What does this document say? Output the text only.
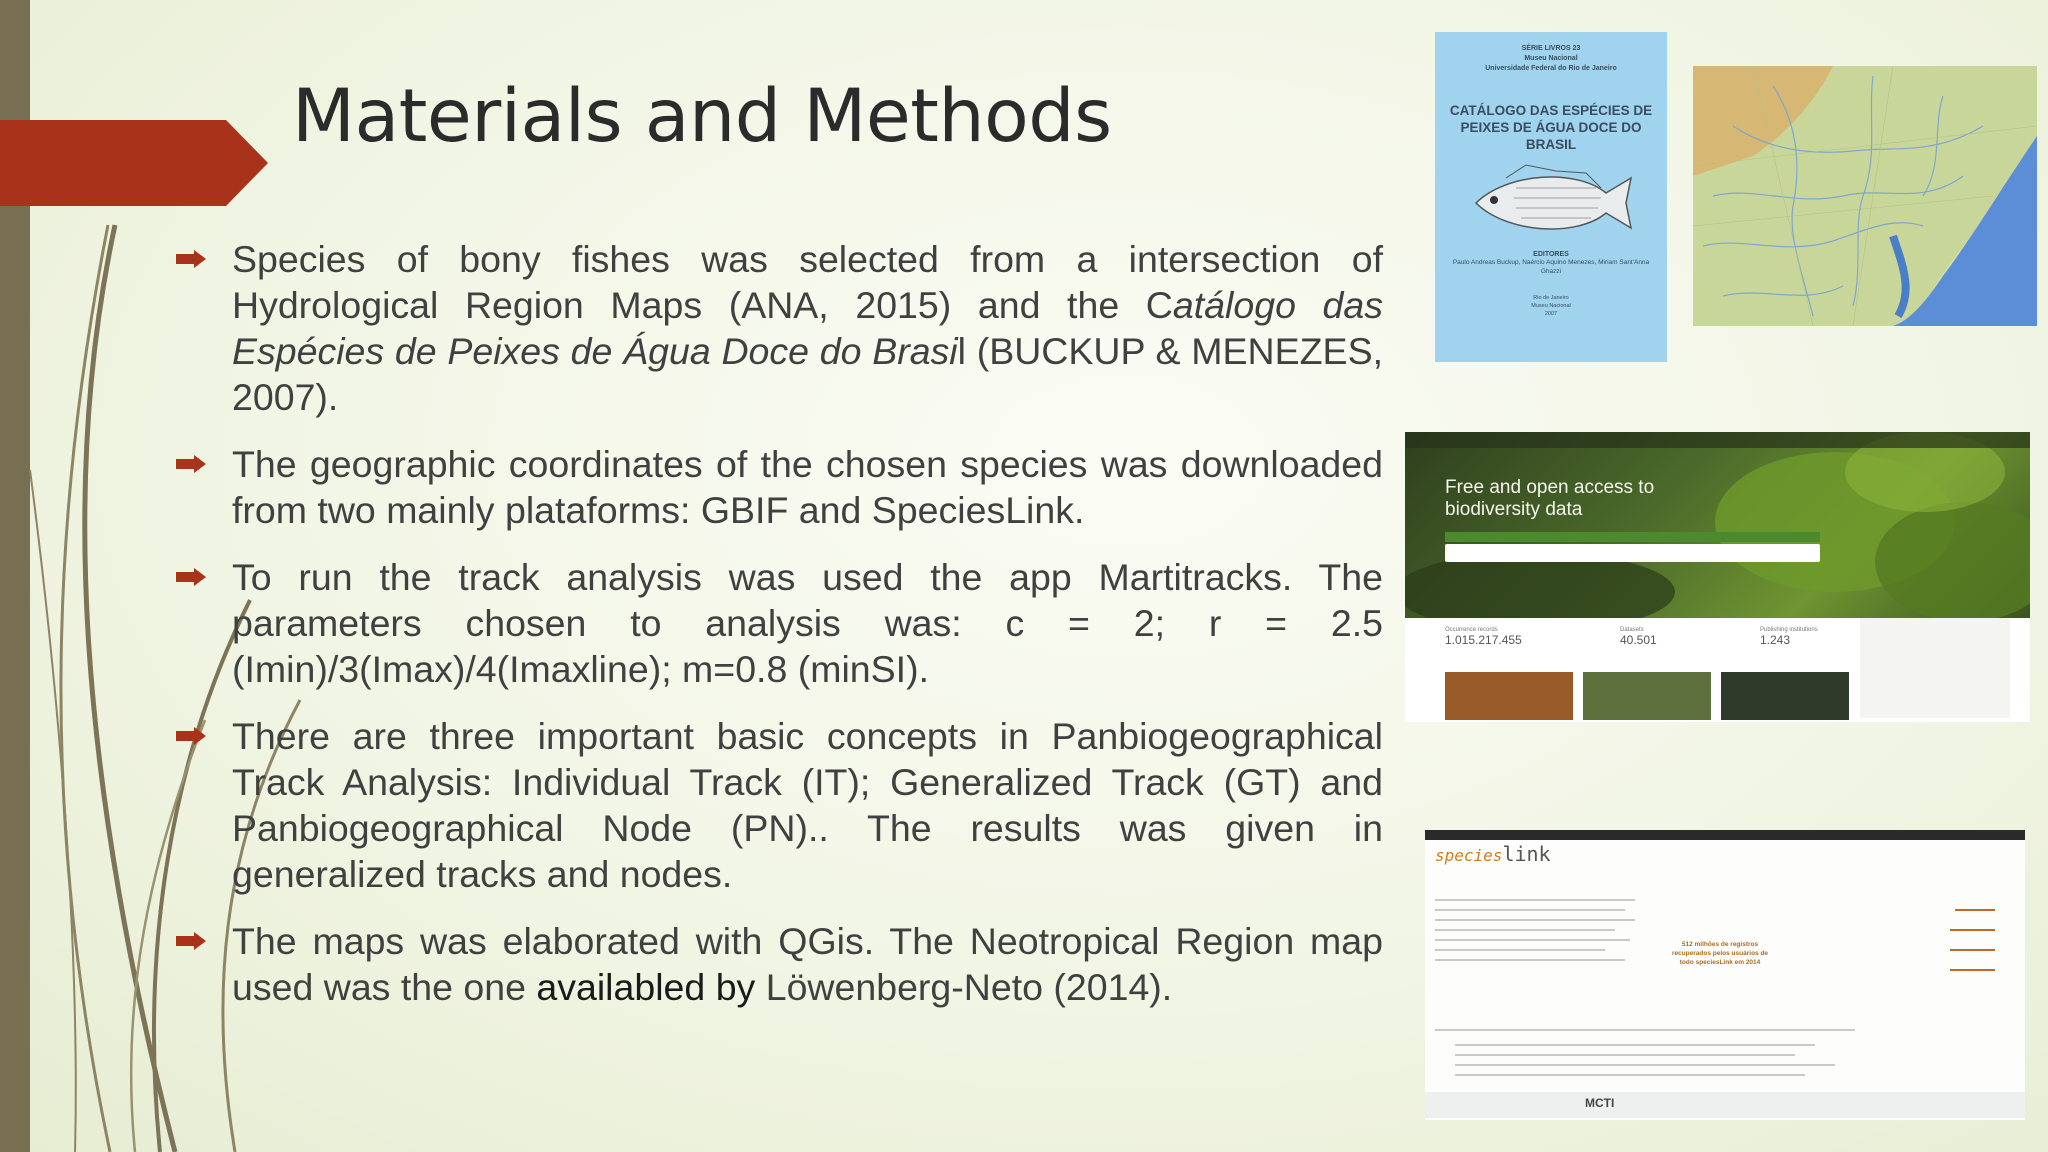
Materials and Methods
Species of bony fishes was selected from a intersection of Hydrological Region Maps (ANA, 2015) and the Catálogo das Espécies de Peixes de Água Doce do Brasil (BUCKUP & MENEZES, 2007).
The geographic coordinates of the chosen species was downloaded from two mainly plataforms: GBIF and SpeciesLink.
To run the track analysis was used the app Martitracks. The parameters chosen to analysis was: c = 2; r = 2.5 (Imin)/3(Imax)/4(Imaxline); m=0.8 (minSI).
There are three important basic concepts in Panbiogeographical Track Analysis: Individual Track (IT); Generalized Track (GT) and Panbiogeographical Node (PN).. The results was given in generalized tracks and nodes.
The maps was elaborated with QGis. The Neotropical Region map used was the one availabled by Löwenberg-Neto (2014).
SÉRIE LIVROS 23
Museu Nacional
Universidade Federal do Rio de Janeiro
CATÁLOGO DAS ESPÉCIES DE PEIXES DE ÁGUA DOCE DO BRASIL
EDITORES
Paulo Andreas Buckup, Naércio Aquino Menezes, Miriam Sant'Anna Ghazzi
Rio de Janeiro
Museu Nacional
2007
Free and open access to biodiversity data
Occurrence records
1.015.217.455
Datasets
40.501
Publishing institutions
1.243
specieslink
512 milhões de registros recuperados pelos usuários de todo speciesLink em 2014
MCTI
